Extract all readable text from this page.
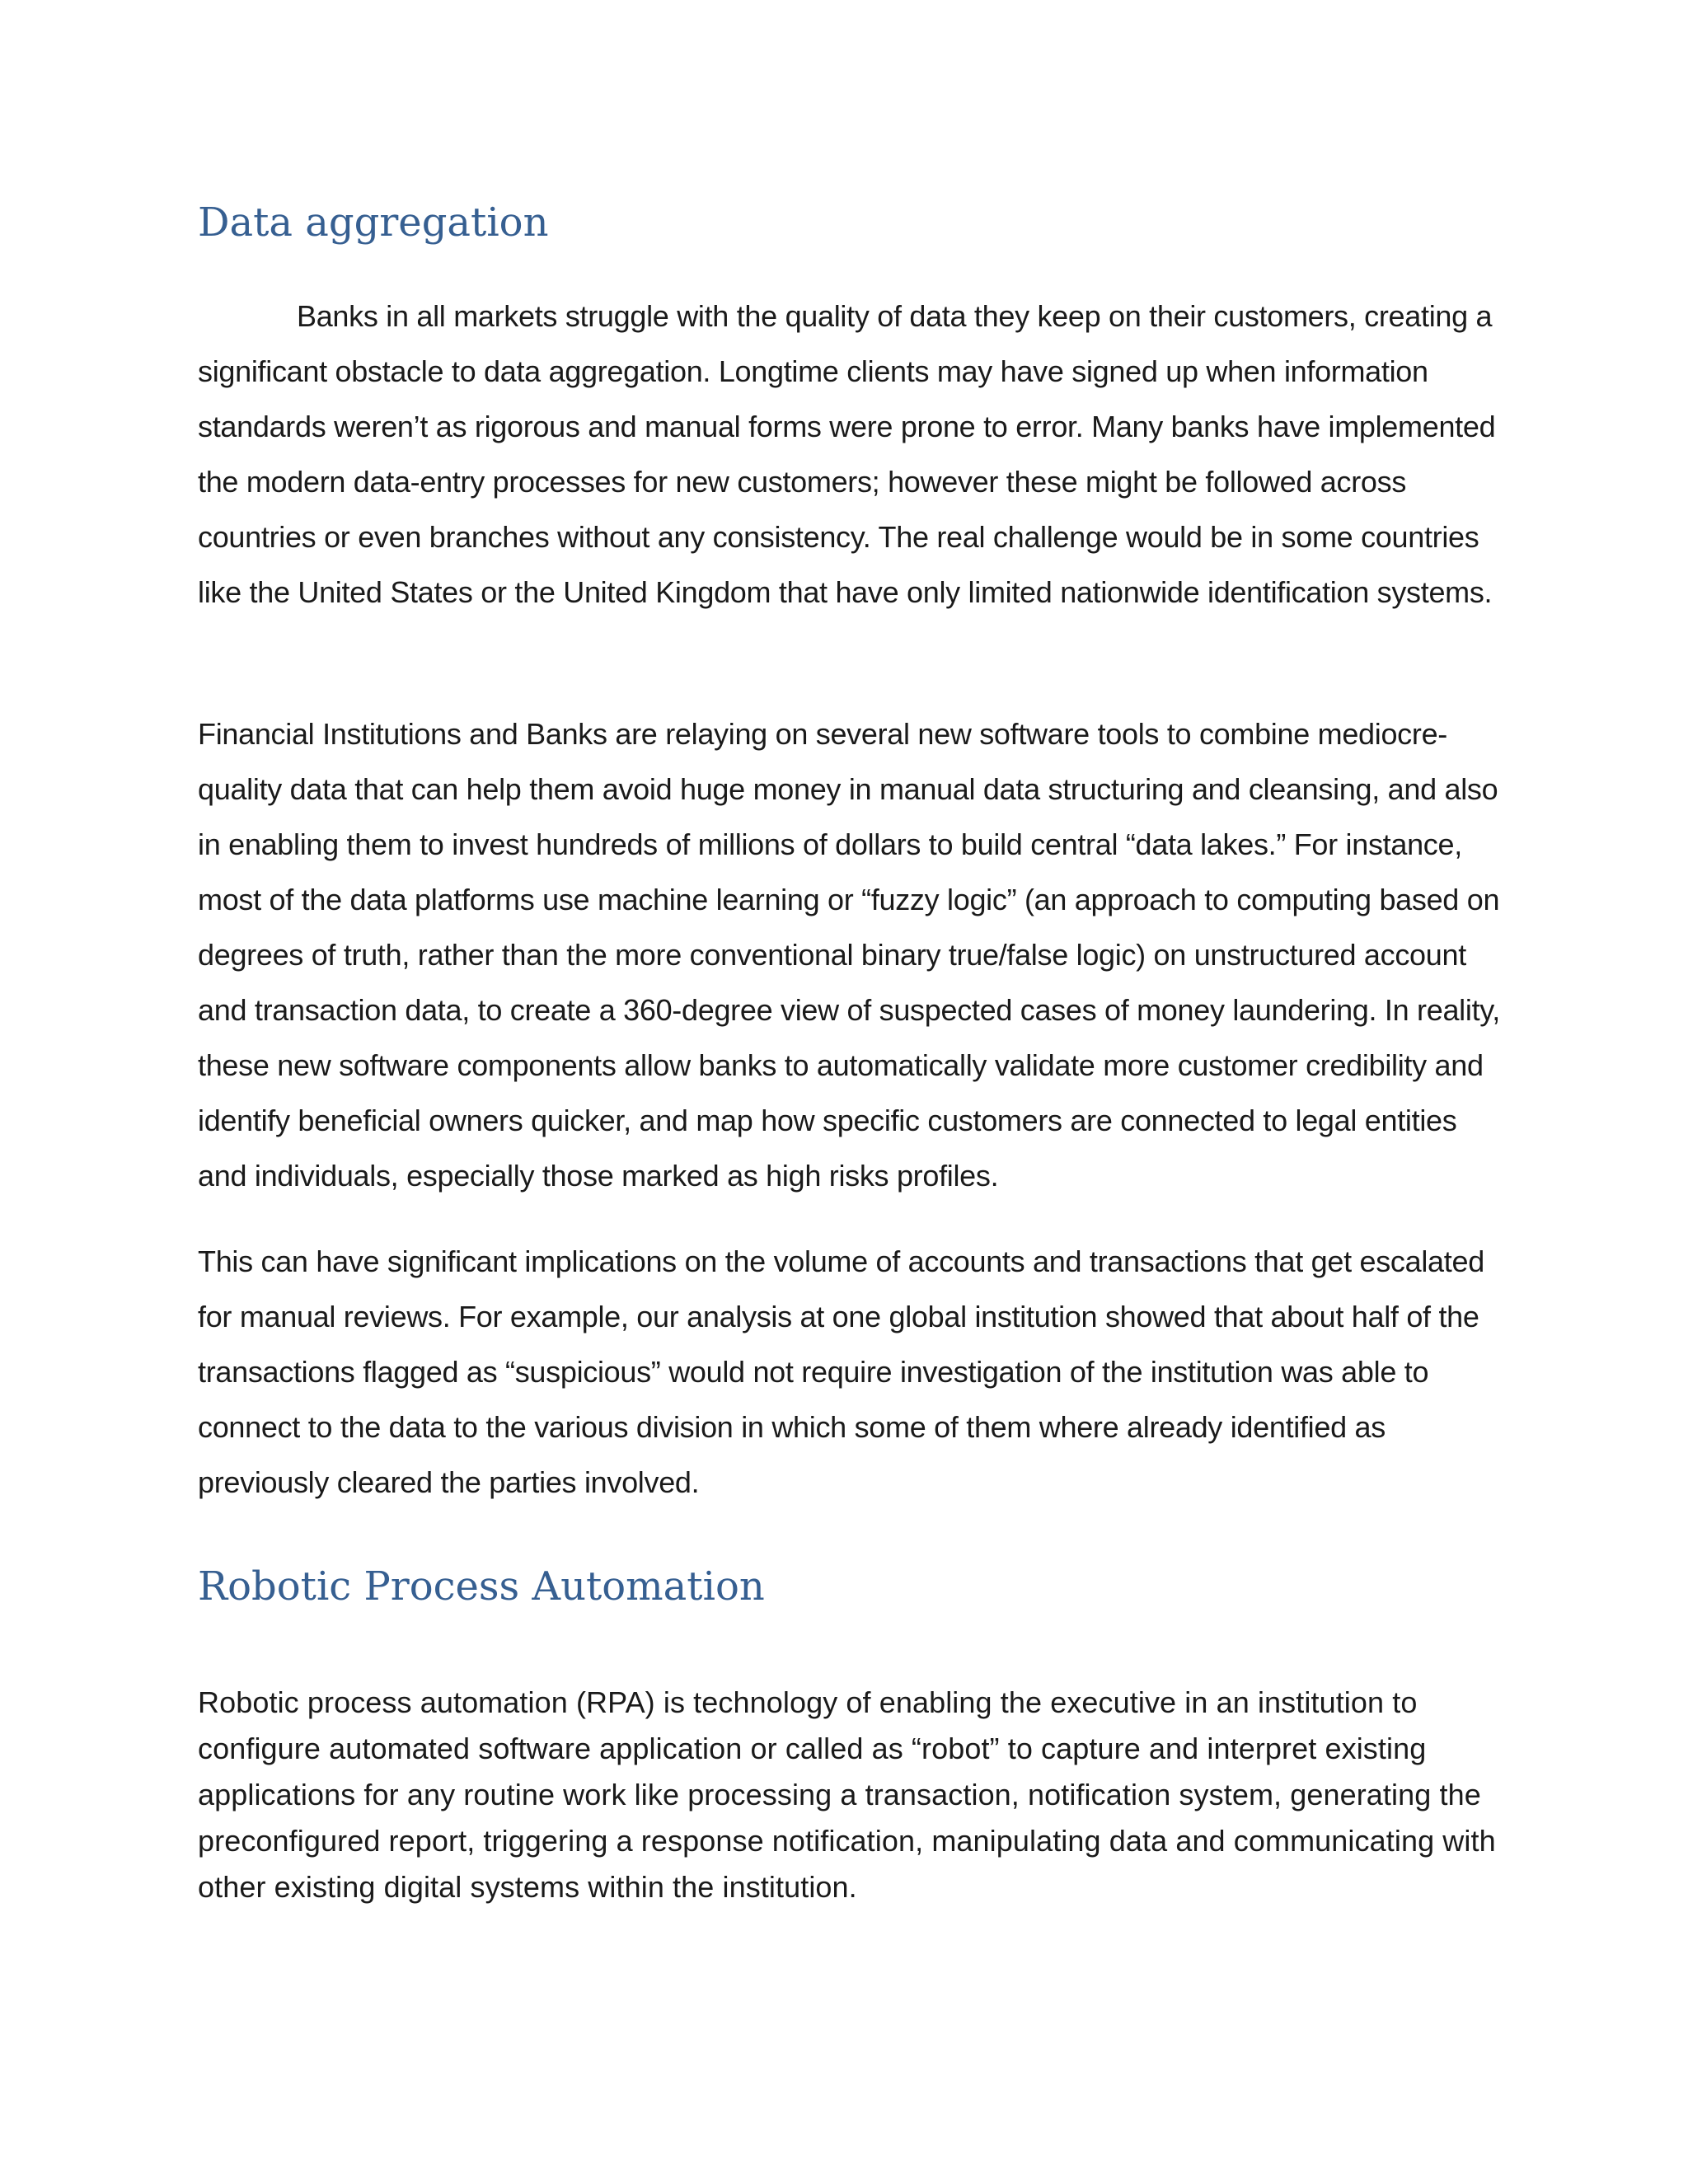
Data aggregation

Banks in all markets struggle with the quality of data they keep on their customers, creating a significant obstacle to data aggregation. Longtime clients may have signed up when information standards weren’t as rigorous and manual forms were prone to error. Many banks have implemented the modern data-entry processes for new customers; however these might be followed across countries or even branches without any consistency. The real challenge would be in some countries like the United States or the United Kingdom that have only limited nationwide identification systems.

Financial Institutions and Banks are relaying on several new software tools to combine mediocre-quality data that can help them avoid huge money in manual data structuring and cleansing, and also in enabling them to invest hundreds of millions of dollars to build central “data lakes.” For instance, most of the data platforms use machine learning or “fuzzy logic” (an approach to computing based on degrees of truth, rather than the more conventional binary true/false logic) on unstructured account and transaction data, to create a 360-degree view of suspected cases of money laundering. In reality, these new software components allow banks to automatically validate more customer credibility and identify beneficial owners quicker, and map how specific customers are connected to legal entities and individuals, especially those marked as high risks profiles.

This can have significant implications on the volume of accounts and transactions that get escalated for manual reviews. For example, our analysis at one global institution showed that about half of the transactions flagged as “suspicious” would not require investigation of the institution was able to connect to the data to the various division in which some of them where already identified as previously cleared the parties involved.

Robotic Process Automation

Robotic process automation (RPA) is technology of enabling the executive in an institution to configure automated software application or called as “robot” to capture and interpret existing applications for any routine work like processing a transaction, notification system, generating the preconfigured report, triggering a response notification, manipulating data and communicating with other existing digital systems within the institution.
